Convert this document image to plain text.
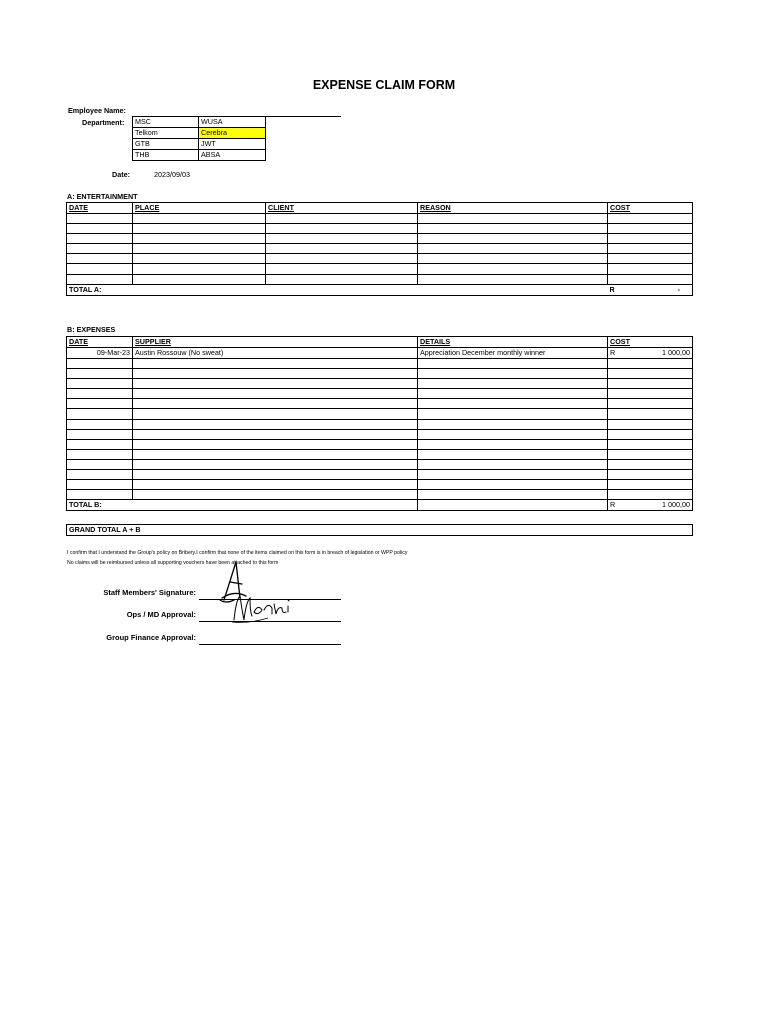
EXPENSE CLAIM FORM
Employee Name:
Department: MSC	WUSA
Telkom	Cerebra
GTB	JWT
THB	ABSA
Date:	2023/09/03
A: ENTERTAINMENT
DATE	PLACE	CLIENT	REASON	COST

TOTAL A:				R -
B: EXPENSES
DATE	SUPPLIER	DETAILS	COST
09-Mar-23	Austin Rossouw (No sweat)	Appreciation December monthly winner	R 1 000,00

TOTAL B:			R 1 000,00
GRAND TOTAL A + B
I confirm that I understand the Group's policy on Bribery.I confirm that none of the items claimed on this form is in breach of legislation or WPP policy
No claims will be reimbursed unless all supporting vouchers have been attached to this form
Staff Members' Signature:
Ops / MD Approval:
Group Finance Approval:
